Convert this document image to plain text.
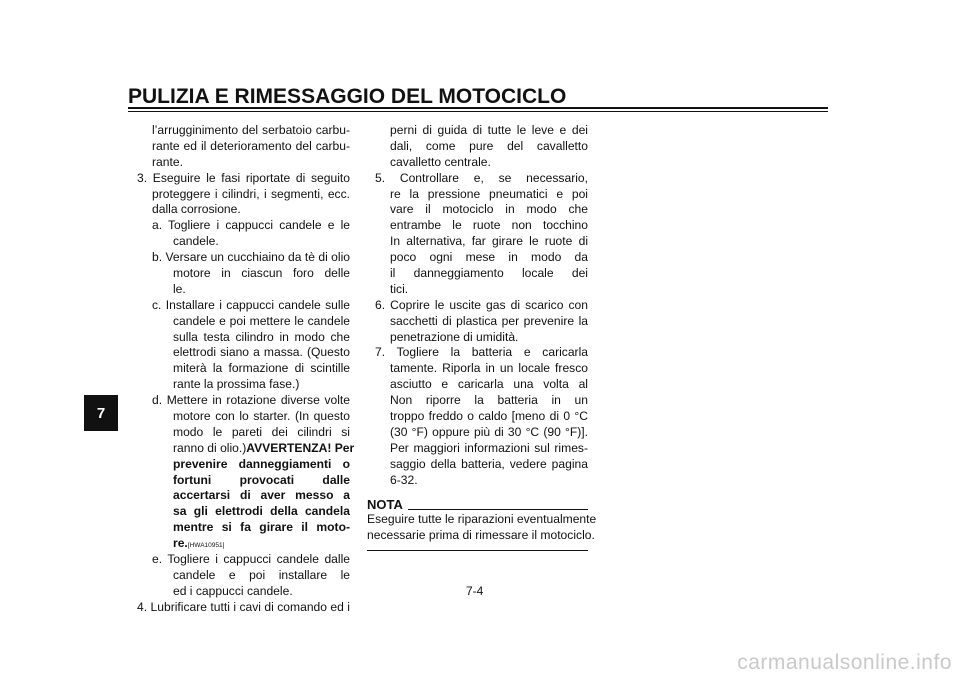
PULIZIA E RIMESSAGGIO DEL MOTOCICLO
7
l’arrugginimento del serbatoio carbu-
rante ed il deterioramento del carbu-
rante.
3. Eseguire le fasi riportate di seguito
proteggere i cilindri, i segmenti, ecc.
dalla corrosione.
a. Togliere i cappucci candele e le
candele.
b. Versare un cucchiaino da tè di olio
motore in ciascun foro delle
le.
c. Installare i cappucci candele sulle
candele e poi mettere le candele
sulla testa cilindro in modo che
elettrodi siano a massa. (Questo
miterà la formazione di scintille
rante la prossima fase.)
d. Mettere in rotazione diverse volte
motore con lo starter. (In questo
modo le pareti dei cilindri si
ranno di olio.) AVVERTENZA! Per
prevenire danneggiamenti o
fortuni provocati dalle
accertarsi di aver messo a
sa gli elettrodi della candela
mentre si fa girare il moto-
re.[HWA10951]
e. Togliere i cappucci candele dalle
candele e poi installare le
ed i cappucci candele.
4. Lubrificare tutti i cavi di comando ed i
perni di guida di tutte le leve e dei
dali, come pure del cavalletto
cavalletto centrale.
5. Controllare e, se necessario,
re la pressione pneumatici e poi
vare il motociclo in modo che
entrambe le ruote non tocchino
In alternativa, far girare le ruote di
poco ogni mese in modo da
il danneggiamento locale dei
tici.
6. Coprire le uscite gas di scarico con
sacchetti di plastica per prevenire la
penetrazione di umidità.
7. Togliere la batteria e caricarla
tamente. Riporla in un locale fresco
asciutto e caricarla una volta al
Non riporre la batteria in un
troppo freddo o caldo [meno di 0 °C
(30 °F) oppure più di 30 °C (90 °F)].
Per maggiori informazioni sul rimes-
saggio della batteria, vedere pagina
6-32.
NOTA
Eseguire tutte le riparazioni eventualmente
necessarie prima di rimessare il motociclo.
7-4
carmanualsonline.info
